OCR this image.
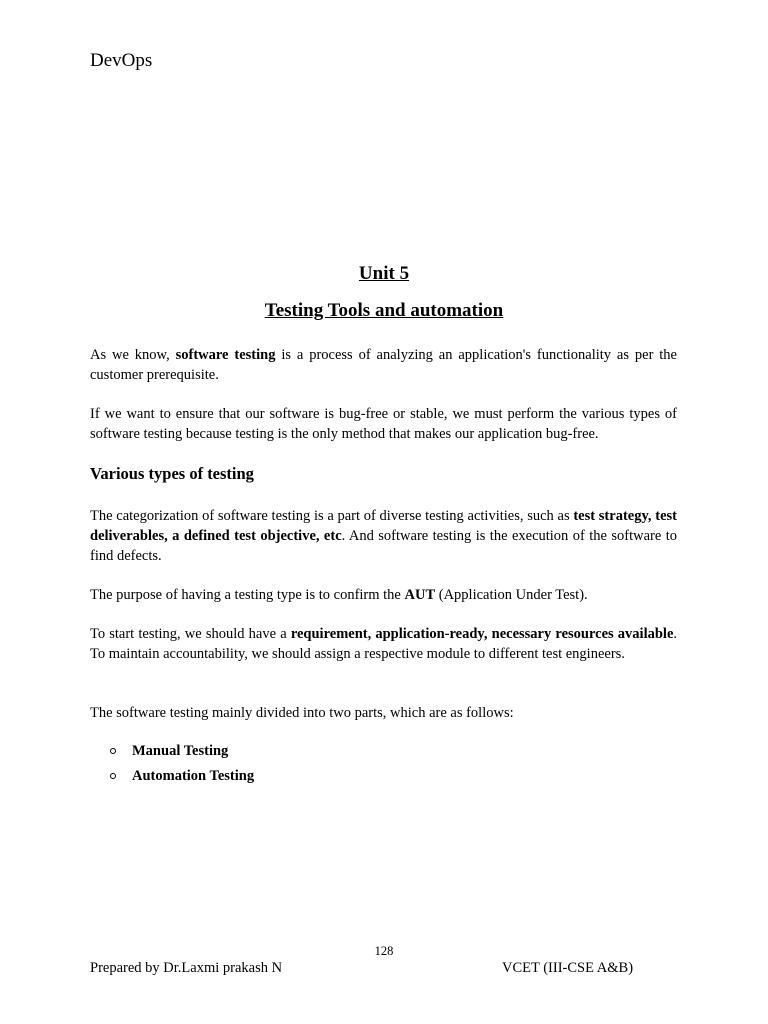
DevOps
Unit 5
Testing Tools and automation

As we know, software testing is a process of analyzing an application's functionality as per the customer prerequisite.

If we want to ensure that our software is bug-free or stable, we must perform the various types of software testing because testing is the only method that makes our application bug-free.

Various types of testing

The categorization of software testing is a part of diverse testing activities, such as test strategy, test deliverables, a defined test objective, etc. And software testing is the execution of the software to find defects.

The purpose of having a testing type is to confirm the AUT (Application Under Test).

To start testing, we should have a requirement, application-ready, necessary resources available. To maintain accountability, we should assign a respective module to different test engineers.

The software testing mainly divided into two parts, which are as follows:

Manual Testing
Automation Testing
128
Prepared by Dr.Laxmi prakash N	VCET (III-CSE A&B)
